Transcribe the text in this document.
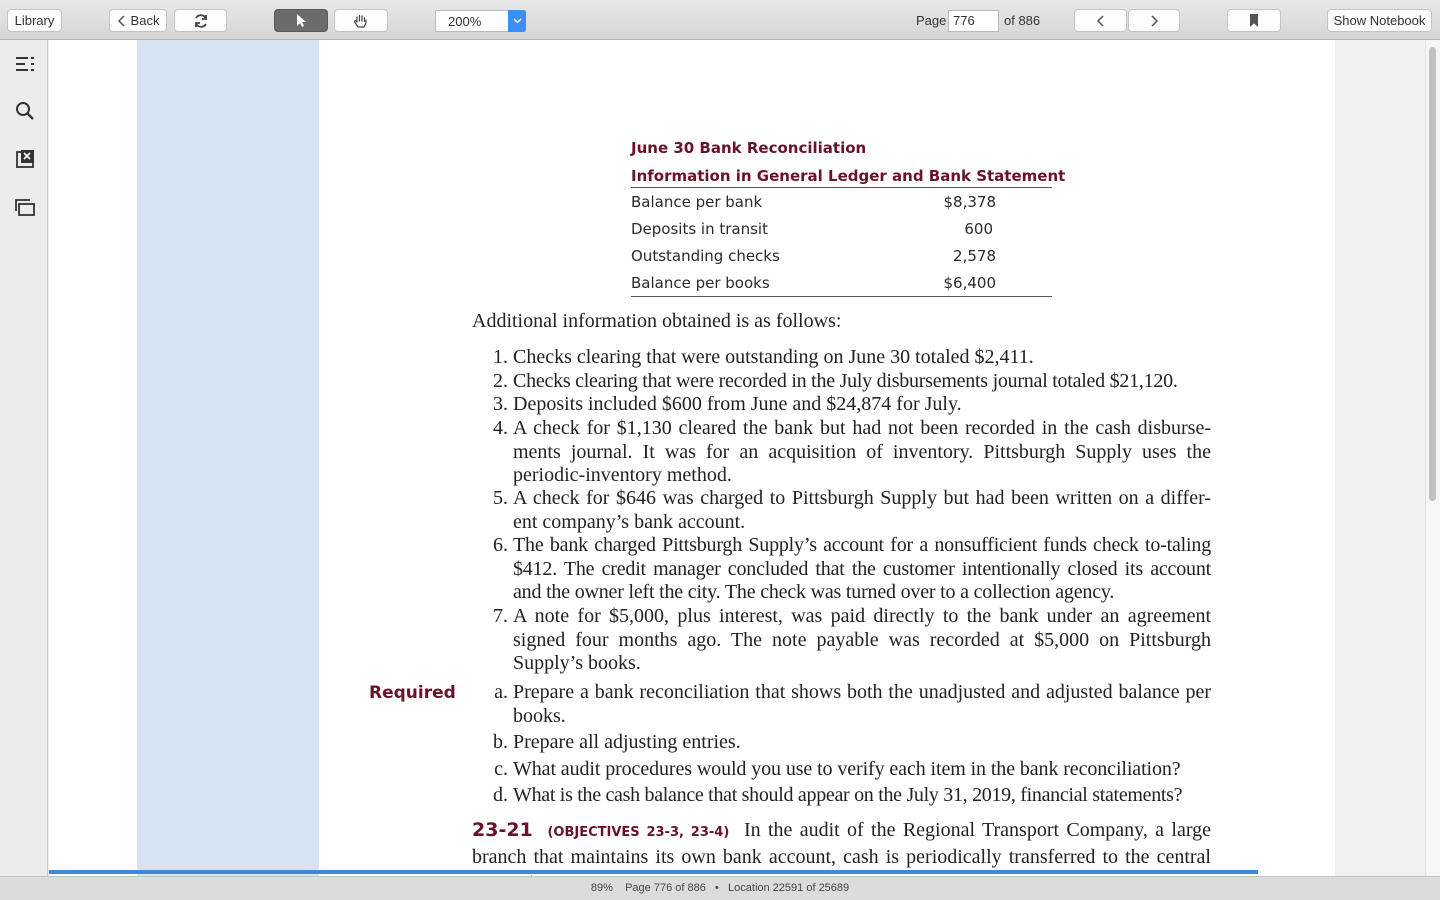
Library	Back	200%	Page 776	of 886	Show Notebook
June 30 Bank Reconciliation
Information in General Ledger and Bank Statement
Balance per bank	$8,378
Deposits in transit	600
Outstanding checks	2,578
Balance per books	$6,400
Additional information obtained is as follows:
1. Checks clearing that were outstanding on June 30 totaled $2,411.
2. Checks clearing that were recorded in the July disbursements journal totaled $21,120.
3. Deposits included $600 from June and $24,874 for July.
4. A check for $1,130 cleared the bank but had not been recorded in the cash disburse-ments journal. It was for an acquisition of inventory. Pittsburgh Supply uses the periodic-inventory method.
5. A check for $646 was charged to Pittsburgh Supply but had been written on a differ-ent company’s bank account.
6. The bank charged Pittsburgh Supply’s account for a nonsufficient funds check to-taling $412. The credit manager concluded that the customer intentionally closed its account and the owner left the city. The check was turned over to a collection agency.
7. A note for $5,000, plus interest, was paid directly to the bank under an agreement signed four months ago. The note payable was recorded at $5,000 on Pittsburgh Supply’s books.
Required	a. Prepare a bank reconciliation that shows both the unadjusted and adjusted balance per books.
b. Prepare all adjusting entries.
c. What audit procedures would you use to verify each item in the bank reconciliation?
d. What is the cash balance that should appear on the July 31, 2019, financial statements?
23-21 (OBJECTIVES 23-3, 23-4) In the audit of the Regional Transport Company, a large branch that maintains its own bank account, cash is periodically transferred to the central
89% Page 776 of 886 • Location 22591 of 25689
